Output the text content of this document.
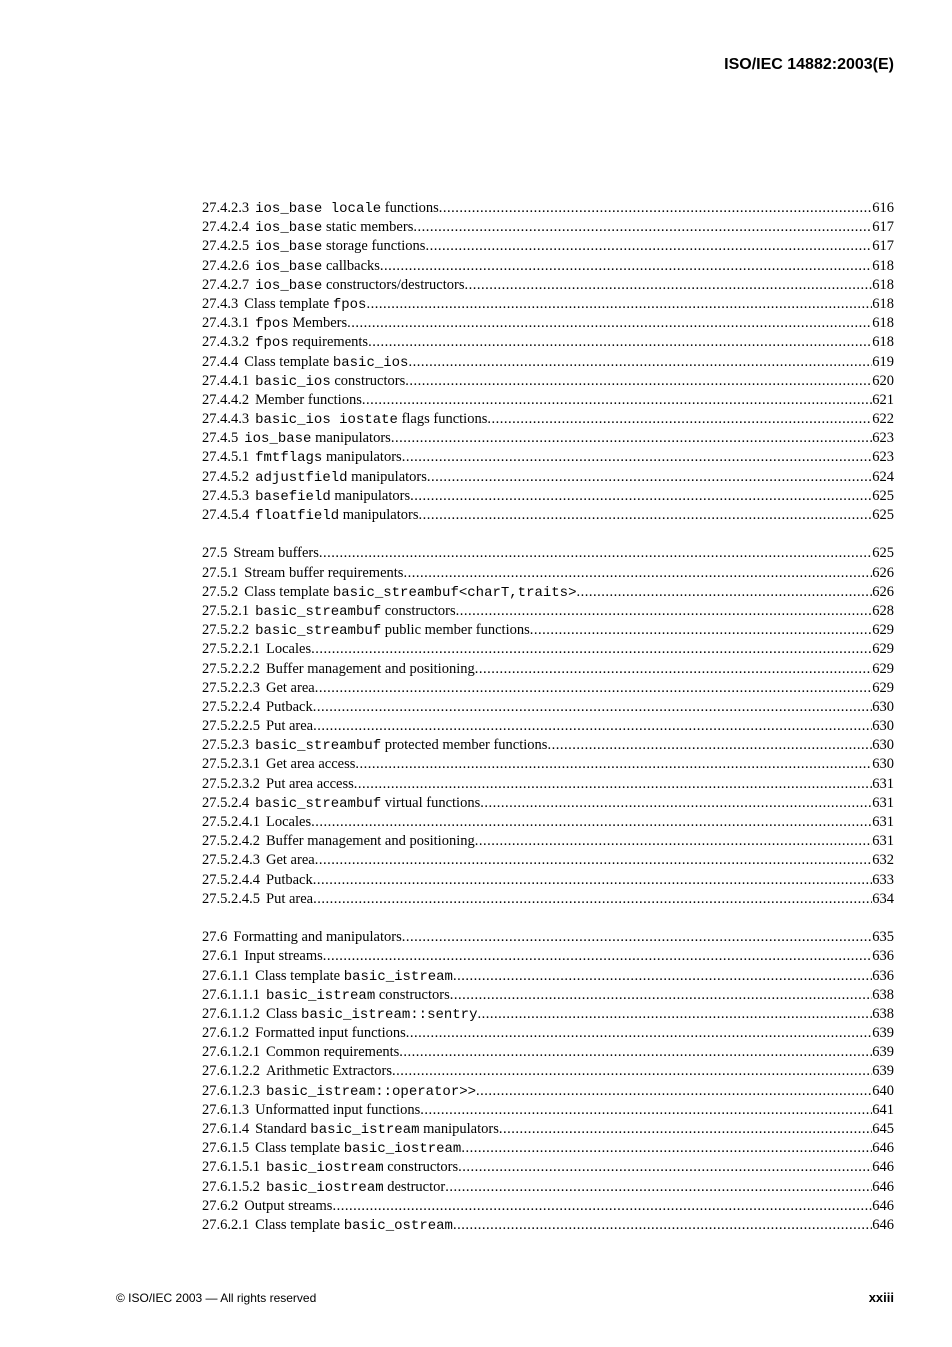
ISO/IEC 14882:2003(E)
27.4.2.3 ios_base locale functions .....	616
27.4.2.4 ios_base static members .....	617
27.4.2.5 ios_base storage functions .....	617
27.4.2.6 ios_base callbacks .....	618
27.4.2.7 ios_base constructors/destructors .....	618
27.4.3 Class template fpos .....	618
27.4.3.1 fpos Members .....	618
27.4.3.2 fpos requirements .....	618
27.4.4 Class template basic_ios .....	619
27.4.4.1 basic_ios constructors .....	620
27.4.4.2 Member functions .....	621
27.4.4.3 basic_ios iostate flags functions .....	622
27.4.5 ios_base manipulators .....	623
27.4.5.1 fmtflags manipulators .....	623
27.4.5.2 adjustfield manipulators .....	624
27.4.5.3 basefield manipulators .....	625
27.4.5.4 floatfield manipulators .....	625
27.5 Stream buffers .....	625
27.5.1 Stream buffer requirements .....	626
27.5.2 Class template basic_streambuf<charT,traits> .....	626
27.5.2.1 basic_streambuf constructors .....	628
27.5.2.2 basic_streambuf public member functions .....	629
27.5.2.2.1 Locales .....	629
27.5.2.2.2 Buffer management and positioning .....	629
27.5.2.2.3 Get area .....	629
27.5.2.2.4 Putback .....	630
27.5.2.2.5 Put area .....	630
27.5.2.3 basic_streambuf protected member functions .....	630
27.5.2.3.1 Get area access .....	630
27.5.2.3.2 Put area access .....	631
27.5.2.4 basic_streambuf virtual functions .....	631
27.5.2.4.1 Locales .....	631
27.5.2.4.2 Buffer management and positioning .....	631
27.5.2.4.3 Get area .....	632
27.5.2.4.4 Putback .....	633
27.5.2.4.5 Put area .....	634
27.6 Formatting and manipulators .....	635
27.6.1 Input streams .....	636
27.6.1.1 Class template basic_istream .....	636
27.6.1.1.1 basic_istream constructors .....	638
27.6.1.1.2 Class basic_istream::sentry .....	638
27.6.1.2 Formatted input functions .....	639
27.6.1.2.1 Common requirements .....	639
27.6.1.2.2 Arithmetic Extractors .....	639
27.6.1.2.3 basic_istream::operator>> .....	640
27.6.1.3 Unformatted input functions .....	641
27.6.1.4 Standard basic_istream manipulators .....	645
27.6.1.5 Class template basic_iostream .....	646
27.6.1.5.1 basic_iostream constructors .....	646
27.6.1.5.2 basic_iostream destructor .....	646
27.6.2 Output streams .....	646
27.6.2.1 Class template basic_ostream .....	646
© ISO/IEC 2003 — All rights reserved	xxiii
